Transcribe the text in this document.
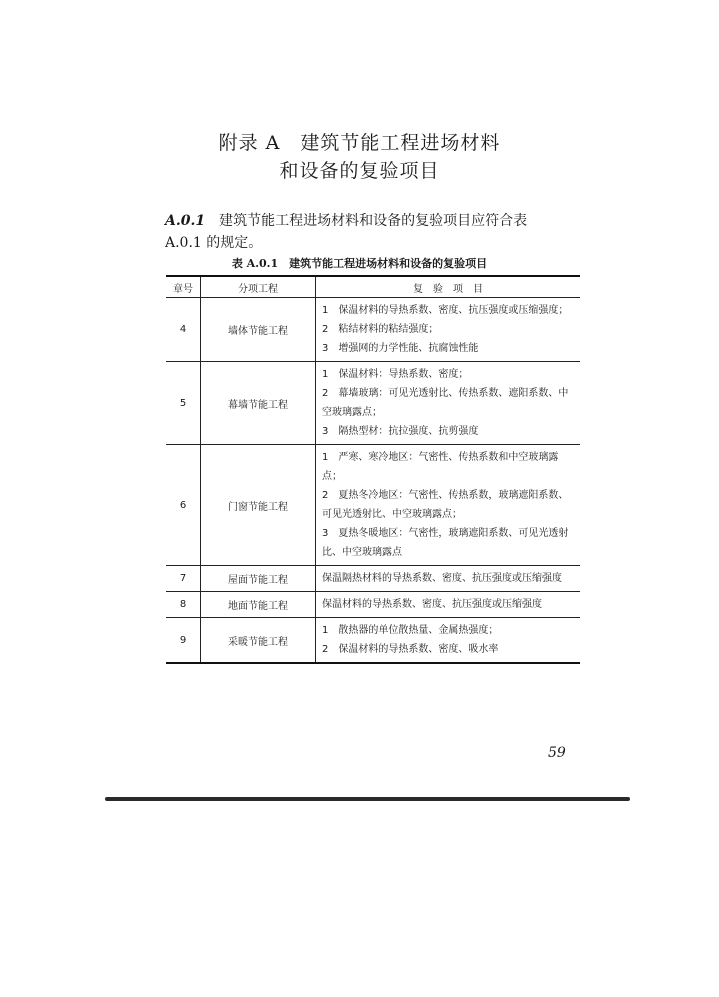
附录 A　建筑节能工程进场材料
和设备的复验项目
A.0.1　 建筑节能工程进场材料和设备的复验项目应符合表
A.0.1 的规定。
表 A.0.1　建筑节能工程进场材料和设备的复验项目
章号	分项工程	复　验　项　目
4	墙体节能工程	1　保温材料的导热系数、密度、抗压强度或压缩强度；
2　粘结材料的粘结强度；
3　增强网的力学性能、抗腐蚀性能

5	幕墙节能工程	1　保温材料：导热系数、密度；
2　幕墙玻璃：可见光透射比、传热系数、遮阳系数、中空玻璃露点；
3　隔热型材：抗拉强度、抗剪强度

6	门窗节能工程	1　严寒、寒冷地区：气密性、传热系数和中空玻璃露点；
2　夏热冬冷地区：气密性、传热系数，玻璃遮阳系数、可见光透射比、中空玻璃露点；
3　夏热冬暖地区：气密性，玻璃遮阳系数、可见光透射比、中空玻璃露点

7	屋面节能工程	保温隔热材料的导热系数、密度、抗压强度或压缩强度

8	地面节能工程	保温材料的导热系数、密度、抗压强度或压缩强度

9	采暖节能工程	1　散热器的单位散热量、金属热强度；
2　保温材料的导热系数、密度、吸水率
59
